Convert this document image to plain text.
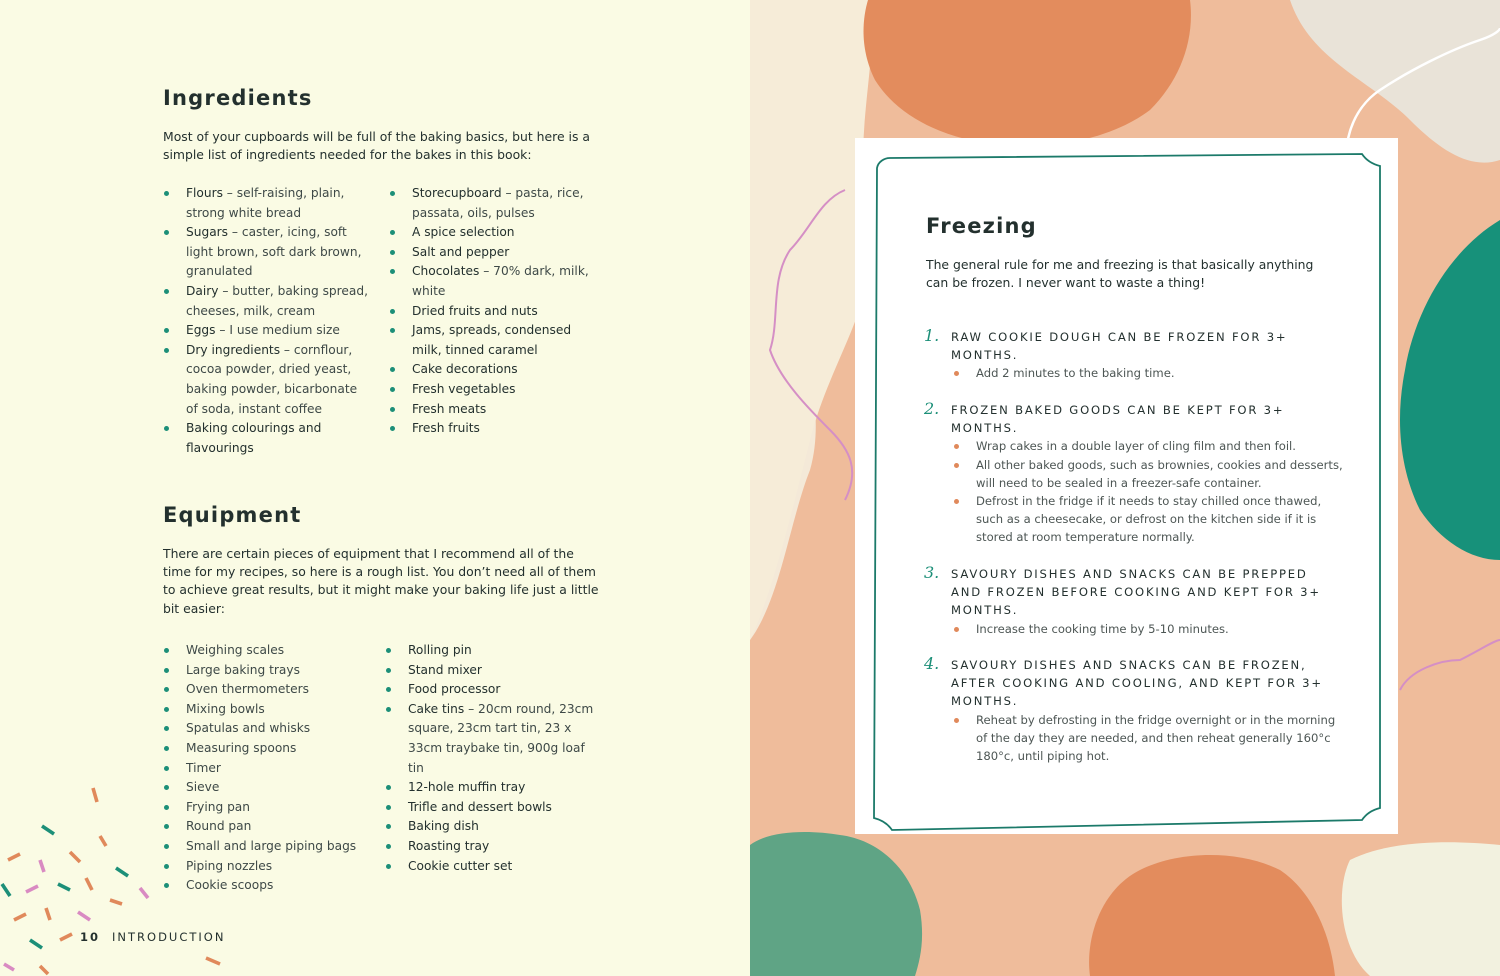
Ingredients

Most of your cupboards will be full of the baking basics, but here is a simple list of ingredients needed for the bakes in this book:

Flours – self-raising, plain, strong white bread
Sugars – caster, icing, soft light brown, soft dark brown, granulated
Dairy – butter, baking spread, cheeses, milk, cream
Eggs – I use medium size
Dry ingredients – cornflour, cocoa powder, dried yeast, baking powder, bicarbonate of soda, instant coffee
Baking colourings and flavourings
Storecupboard – pasta, rice, passata, oils, pulses
A spice selection
Salt and pepper
Chocolates – 70% dark, milk, white
Dried fruits and nuts
Jams, spreads, condensed milk, tinned caramel
Cake decorations
Fresh vegetables
Fresh meats
Fresh fruits
Equipment

There are certain pieces of equipment that I recommend all of the time for my recipes, so here is a rough list. You don’t need all of them to achieve great results, but it might make your baking life just a little bit easier:

Weighing scales
Large baking trays
Oven thermometers
Mixing bowls
Spatulas and whisks
Measuring spoons
Timer
Sieve
Frying pan
Round pan
Small and large piping bags
Piping nozzles
Cookie scoops
Rolling pin
Stand mixer
Food processor
Cake tins – 20cm round, 23cm square, 23cm tart tin, 23 x 33cm traybake tin, 900g loaf tin
12-hole muffin tray
Trifle and dessert bowls
Baking dish
Roasting tray
Cookie cutter set
10 INTRODUCTION
Freezing

The general rule for me and freezing is that basically anything can be frozen. I never want to waste a thing!

1. RAW COOKIE DOUGH CAN BE FROZEN FOR 3+ MONTHS.
Add 2 minutes to the baking time.
2. FROZEN BAKED GOODS CAN BE KEPT FOR 3+ MONTHS.
Wrap cakes in a double layer of cling film and then foil.
All other baked goods, such as brownies, cookies and desserts, will need to be sealed in a freezer-safe container.
Defrost in the fridge if it needs to stay chilled once thawed, such as a cheesecake, or defrost on the kitchen side if it is stored at room temperature normally.
3. SAVOURY DISHES AND SNACKS CAN BE PREPPED AND FROZEN BEFORE COOKING AND KEPT FOR 3+ MONTHS.
Increase the cooking time by 5-10 minutes.
4. SAVOURY DISHES AND SNACKS CAN BE FROZEN, AFTER COOKING AND COOLING, AND KEPT FOR 3+ MONTHS.
Reheat by defrosting in the fridge overnight or in the morning of the day they are needed, and then reheat generally 160°c 180°c, until piping hot.
